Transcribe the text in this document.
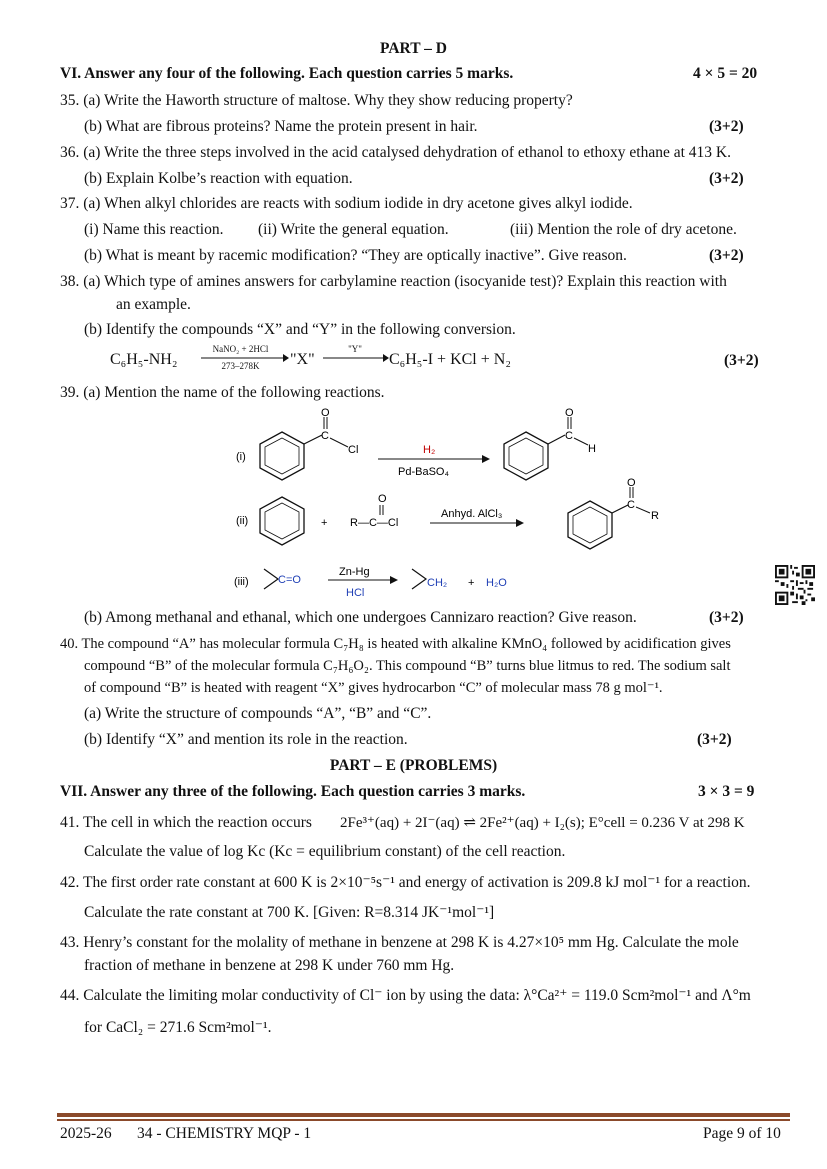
PART – D
VI. Answer any four of the following. Each question carries 5 marks.	4 × 5 = 20
35. (a) Write the Haworth structure of maltose. Why they show reducing property?
(b) What are fibrous proteins? Name the protein present in hair.	(3+2)
36. (a) Write the three steps involved in the acid catalysed dehydration of ethanol to ethoxy ethane at 413 K.
(b) Explain Kolbe’s reaction with equation.	(3+2)
37. (a) When alkyl chlorides are reacts with sodium iodide in dry acetone gives alkyl iodide.
(i) Name this reaction. (ii) Write the general equation.	(iii) Mention the role of dry acetone.
(b) What is meant by racemic modification? “They are optically inactive”. Give reason.	(3+2)
38. (a) Which type of amines answers for carbylamine reaction (isocyanide test)? Explain this reaction with
an example.
(b) Identify the compounds “X” and “Y” in the following conversion.
C₆H₅-NH₂
NaNO₂ + 2HCl
273–278K	"X"
"Y"
C₆H₅-I + KCl + N₂	(3+2)
39. (a) Mention the name of the following reactions.
(i)
C
O
Cl	H₂
Pd-BaSO₄
C
O
H
(ii)	+
O
R—C—Cl
Anhyd. AlCl₃
C
O
R
(iii)	C=O
Zn-Hg
HCl
CH₂ + H₂O
(b) Among methanal and ethanal, which one undergoes Cannizaro reaction? Give reason.	(3+2)
40. The compound “A” has molecular formula C₇H₈ is heated with alkaline KMnO₄ followed by acidification gives
compound “B” of the molecular formula C₇H₆O₂. This compound “B” turns blue litmus to red. The sodium salt
of compound “B” is heated with reagent “X” gives hydrocarbon “C” of molecular mass 78 g mol⁻¹.
(a) Write the structure of compounds “A”, “B” and “C”.
(b) Identify “X” and mention its role in the reaction.	(3+2)
PART – E (PROBLEMS)
VII. Answer any three of the following. Each question carries 3 marks.	3 × 3 = 9
41. The cell in which the reaction occurs 2Fe³⁺(aq) + 2I⁻(aq) ⇌ 2Fe²⁺(aq) + I₂(s); E°cell = 0.236 V at 298 K
Calculate the value of log Kc (Kc = equilibrium constant) of the cell reaction.
42. The first order rate constant at 600 K is 2×10⁻⁵s⁻¹ and energy of activation is 209.8 kJ mol⁻¹ for a reaction.
Calculate the rate constant at 700 K. [Given: R=8.314 JK⁻¹mol⁻¹]
43. Henry’s constant for the molality of methane in benzene at 298 K is 4.27×10⁵ mm Hg. Calculate the mole
fraction of methane in benzene at 298 K under 760 mm Hg.
44. Calculate the limiting molar conductivity of Cl⁻ ion by using the data: λ°Ca²⁺ = 119.0 Scm²mol⁻¹ and Λ°m
for CaCl₂ = 271.6 Scm²mol⁻¹.
2025-26 34 - CHEMISTRY MQP - 1	Page 9 of 10
